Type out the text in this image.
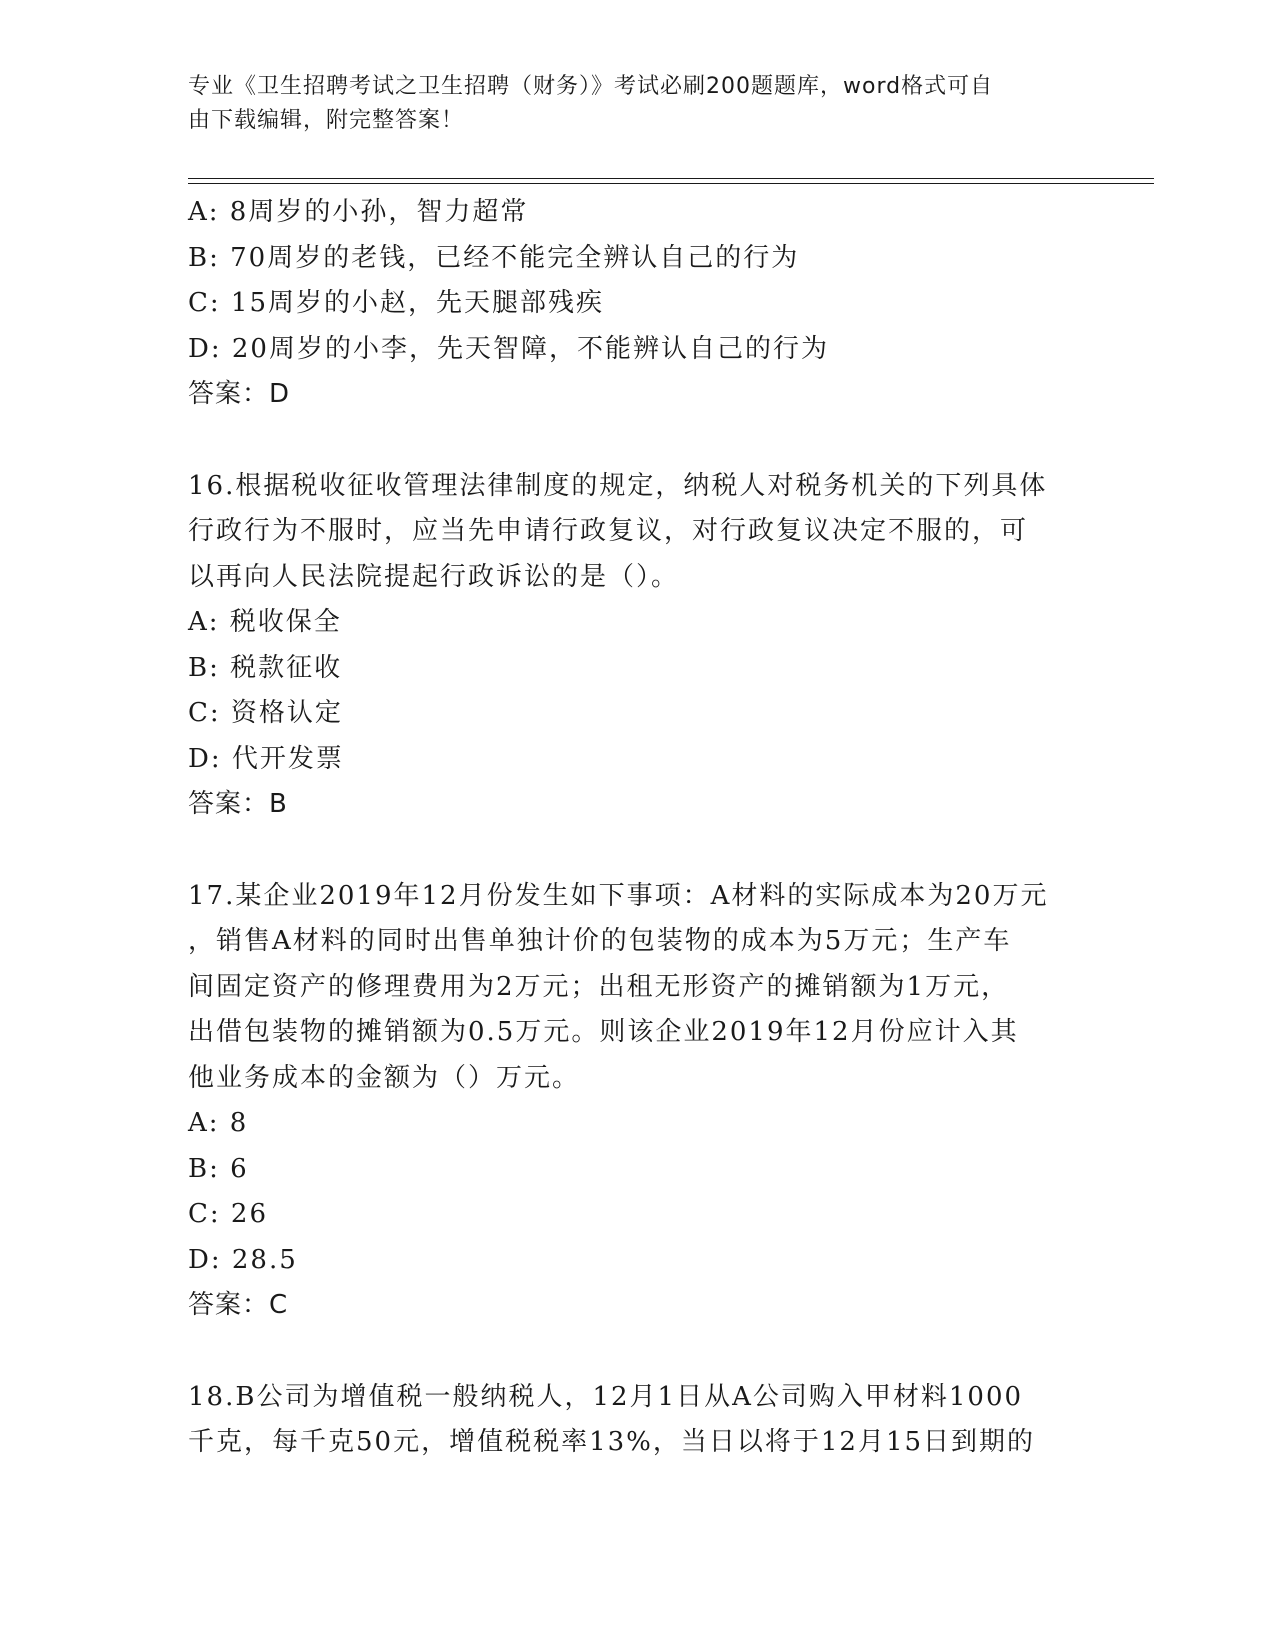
专业《卫生招聘考试之卫生招聘（财务）》考试必刷200题题库，word格式可自
由下载编辑，附完整答案！
A: 8周岁的小孙，智力超常
B: 70周岁的老钱，已经不能完全辨认自己的行为
C: 15周岁的小赵，先天腿部残疾
D: 20周岁的小李，先天智障，不能辨认自己的行为
答案：D
16.根据税收征收管理法律制度的规定，纳税人对税务机关的下列具体
行政行为不服时，应当先申请行政复议，对行政复议决定不服的，可
以再向人民法院提起行政诉讼的是（）。
A: 税收保全
B: 税款征收
C: 资格认定
D: 代开发票
答案：B
17.某企业2019年12月份发生如下事项：A材料的实际成本为20万元
，销售A材料的同时出售单独计价的包装物的成本为5万元；生产车
间固定资产的修理费用为2万元；出租无形资产的摊销额为1万元，
出借包装物的摊销额为0.5万元。则该企业2019年12月份应计入其
他业务成本的金额为（）万元。
A: 8
B: 6
C: 26
D: 28.5
答案：C
18.B公司为增值税一般纳税人，12月1日从A公司购入甲材料1000
千克，每千克50元，增值税税率13%，当日以将于12月15日到期的
